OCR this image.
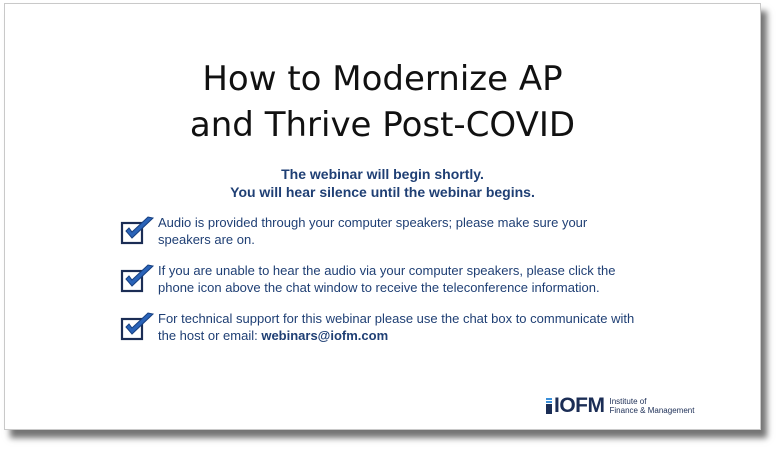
How to Modernize AP
and Thrive Post-COVID
The webinar will begin shortly.
You will hear silence until the webinar begins.
Audio is provided through your computer speakers; please make sure your speakers are on.
If you are unable to hear the audio via your computer speakers, please click the phone icon above the chat window to receive the teleconference information.
For technical support for this webinar please use the chat box to communicate with the host or email: webinars@iofm.com
IOFM Institute of
Finance & Management
